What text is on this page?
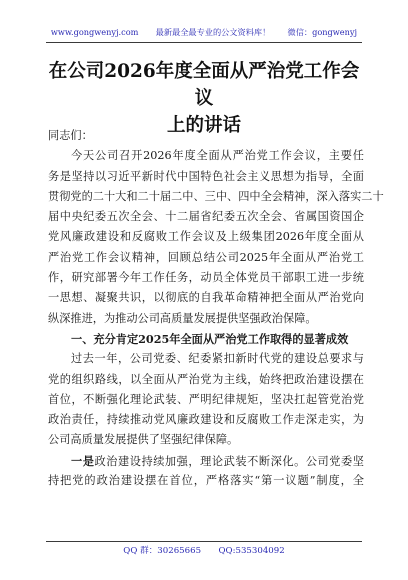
www.gongwenyj.com 最新最全最专业的公文资料库！ 微信：gongwenyj
在公司2026年度全面从严治党工作会议
上的讲话
同志们：
今天公司召开2026年度全面从严治党工作会议，主要任
务是坚持以习近平新时代中国特色社会主义思想为指导，全面
贯彻党的二十大和二十届二中、三中、四中全会精神，深入落实二十
届中央纪委五次全会、十二届省纪委五次全会、省属国资国企
党风廉政建设和反腐败工作会议及上级集团2026年度全面从
严治党工作会议精神，回顾总结公司2025年全面从严治党工
作，研究部署今年工作任务，动员全体党员干部职工进一步统
一思想、凝聚共识，以彻底的自我革命精神把全面从严治党向
纵深推进，为推动公司高质量发展提供坚强政治保障。
一、充分肯定2025年全面从严治党工作取得的显著成效
过去一年，公司党委、纪委紧扣新时代党的建设总要求与
党的组织路线，以全面从严治党为主线，始终把政治建设摆在
首位，不断强化理论武装、严明纪律规矩，坚决扛起管党治党
政治责任，持续推动党风廉政建设和反腐败工作走深走实，为
公司高质量发展提供了坚强纪律保障。
一是政治建设持续加强，理论武装不断深化。公司党委坚
持把党的政治建设摆在首位，严格落实“第一议题”制度，全
QQ 群：30265665 QQ:535304092
